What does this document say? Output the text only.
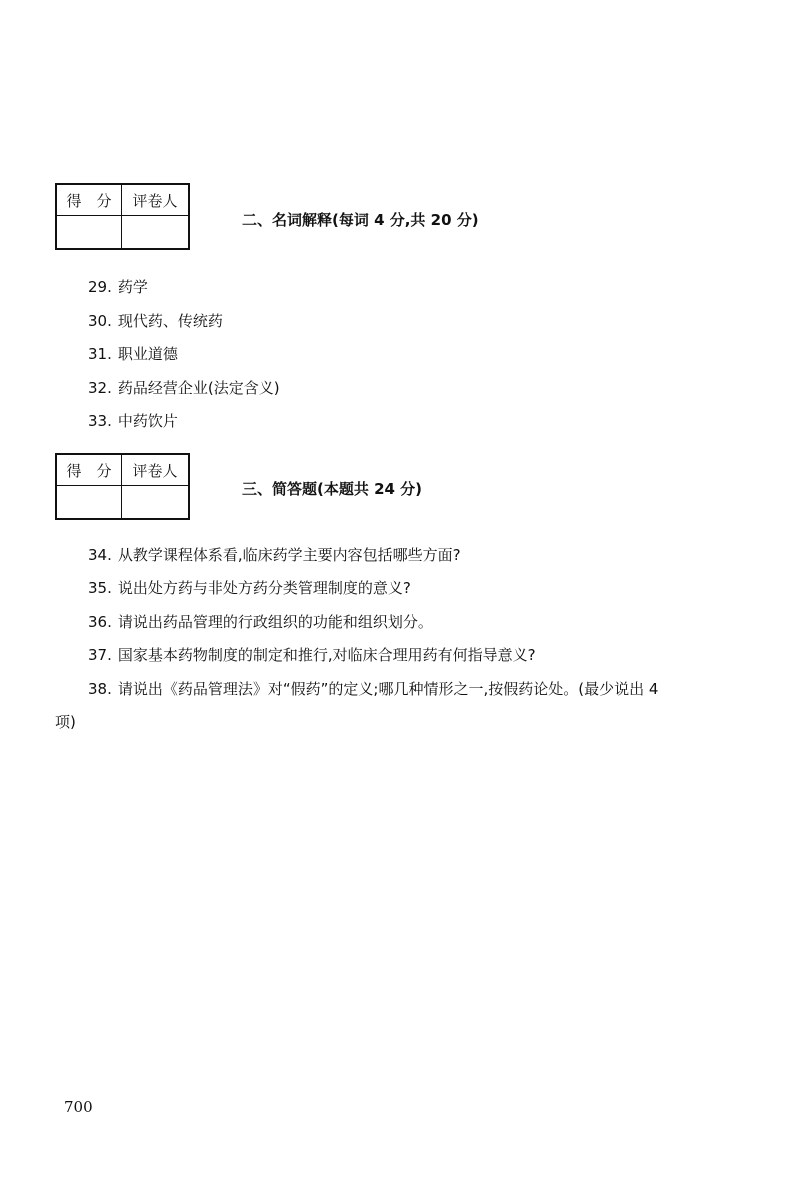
得　分	评卷人

二、名词解释(每词 4 分,共 20 分)
29. 药学
30. 现代药、传统药
31. 职业道德
32. 药品经营企业(法定含义)
33. 中药饮片
得　分	评卷人

三、简答题(本题共 24 分)
34. 从教学课程体系看,临床药学主要内容包括哪些方面?
35. 说出处方药与非处方药分类管理制度的意义?
36. 请说出药品管理的行政组织的功能和组织划分。
37. 国家基本药物制度的制定和推行,对临床合理用药有何指导意义?
38. 请说出《药品管理法》对“假药”的定义;哪几种情形之一,按假药论处。(最少说出 4
项)
700
